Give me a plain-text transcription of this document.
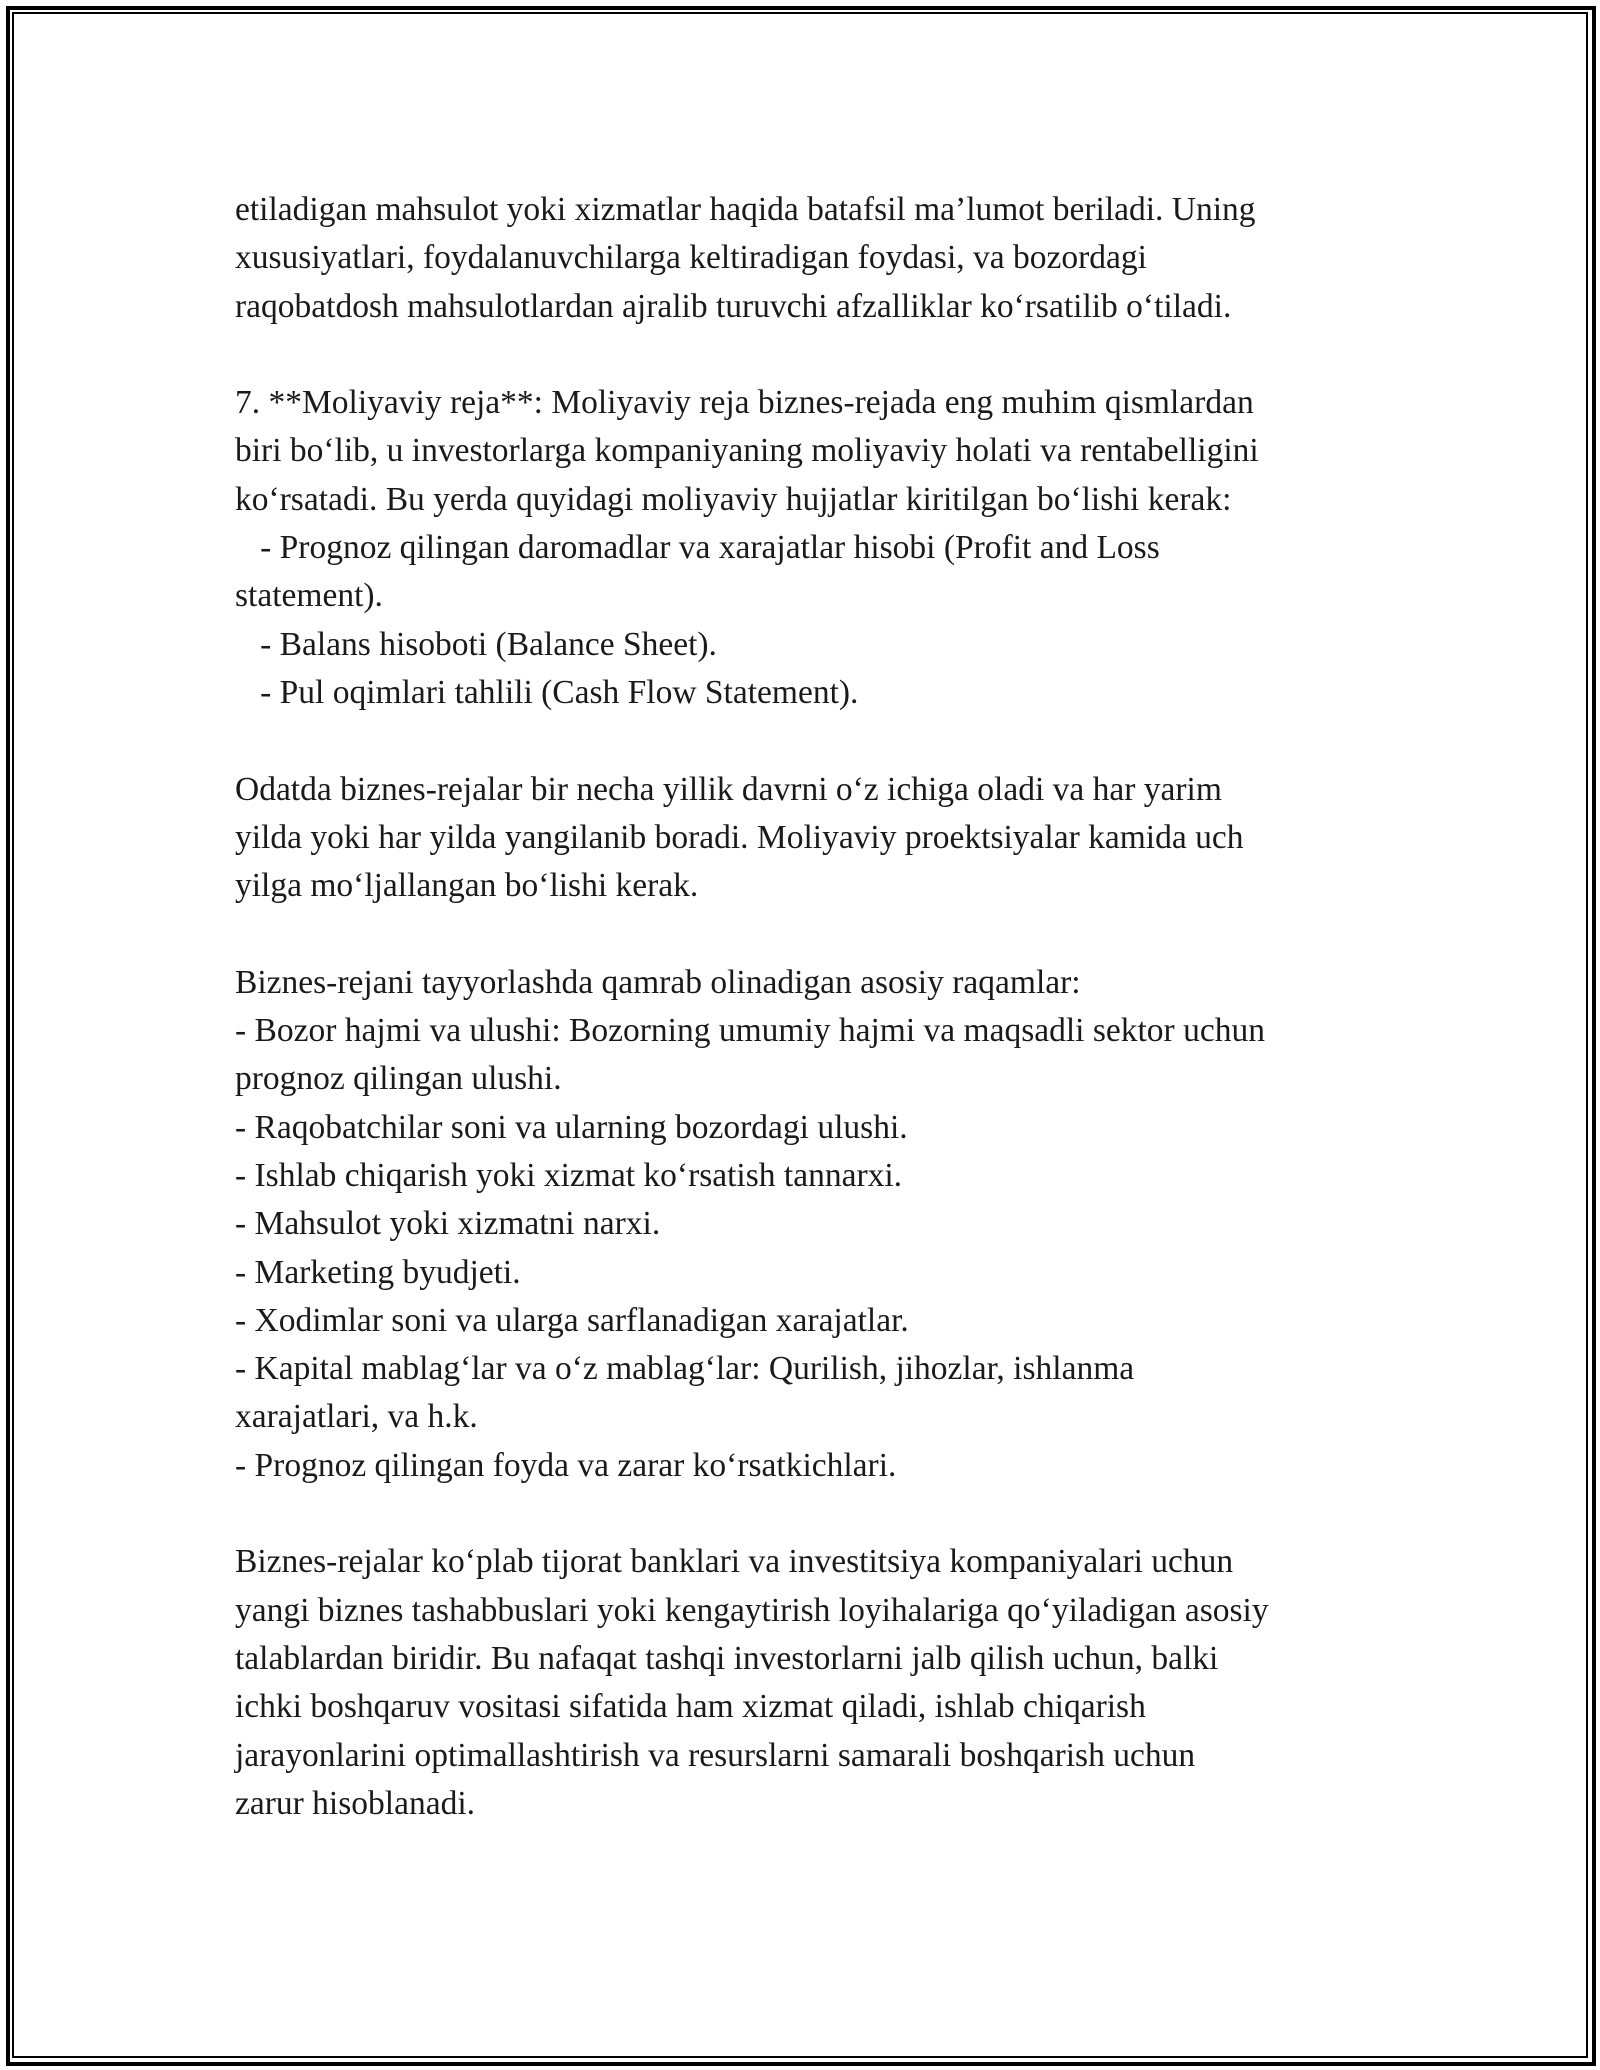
etiladigan mahsulot yoki xizmatlar haqida batafsil ma’lumot beriladi. Uning
xususiyatlari, foydalanuvchilarga keltiradigan foydasi, va bozordagi
raqobatdosh mahsulotlardan ajralib turuvchi afzalliklar ko‘rsatilib o‘tiladi.
7. **Moliyaviy reja**: Moliyaviy reja biznes-rejada eng muhim qismlardan
biri bo‘lib, u investorlarga kompaniyaning moliyaviy holati va rentabelligini
ko‘rsatadi. Bu yerda quyidagi moliyaviy hujjatlar kiritilgan bo‘lishi kerak:
- Prognoz qilingan daromadlar va xarajatlar hisobi (Profit and Loss
statement).
- Balans hisoboti (Balance Sheet).
- Pul oqimlari tahlili (Cash Flow Statement).
Odatda biznes-rejalar bir necha yillik davrni o‘z ichiga oladi va har yarim
yilda yoki har yilda yangilanib boradi. Moliyaviy proektsiyalar kamida uch
yilga mo‘ljallangan bo‘lishi kerak.
Biznes-rejani tayyorlashda qamrab olinadigan asosiy raqamlar:
- Bozor hajmi va ulushi: Bozorning umumiy hajmi va maqsadli sektor uchun
prognoz qilingan ulushi.
- Raqobatchilar soni va ularning bozordagi ulushi.
- Ishlab chiqarish yoki xizmat ko‘rsatish tannarxi.
- Mahsulot yoki xizmatni narxi.
- Marketing byudjeti.
- Xodimlar soni va ularga sarflanadigan xarajatlar.
- Kapital mablag‘lar va o‘z mablag‘lar: Qurilish, jihozlar, ishlanma
xarajatlari, va h.k.
- Prognoz qilingan foyda va zarar ko‘rsatkichlari.
Biznes-rejalar ko‘plab tijorat banklari va investitsiya kompaniyalari uchun
yangi biznes tashabbuslari yoki kengaytirish loyihalariga qo‘yiladigan asosiy
talablardan biridir. Bu nafaqat tashqi investorlarni jalb qilish uchun, balki
ichki boshqaruv vositasi sifatida ham xizmat qiladi, ishlab chiqarish
jarayonlarini optimallashtirish va resurslarni samarali boshqarish uchun
zarur hisoblanadi.
